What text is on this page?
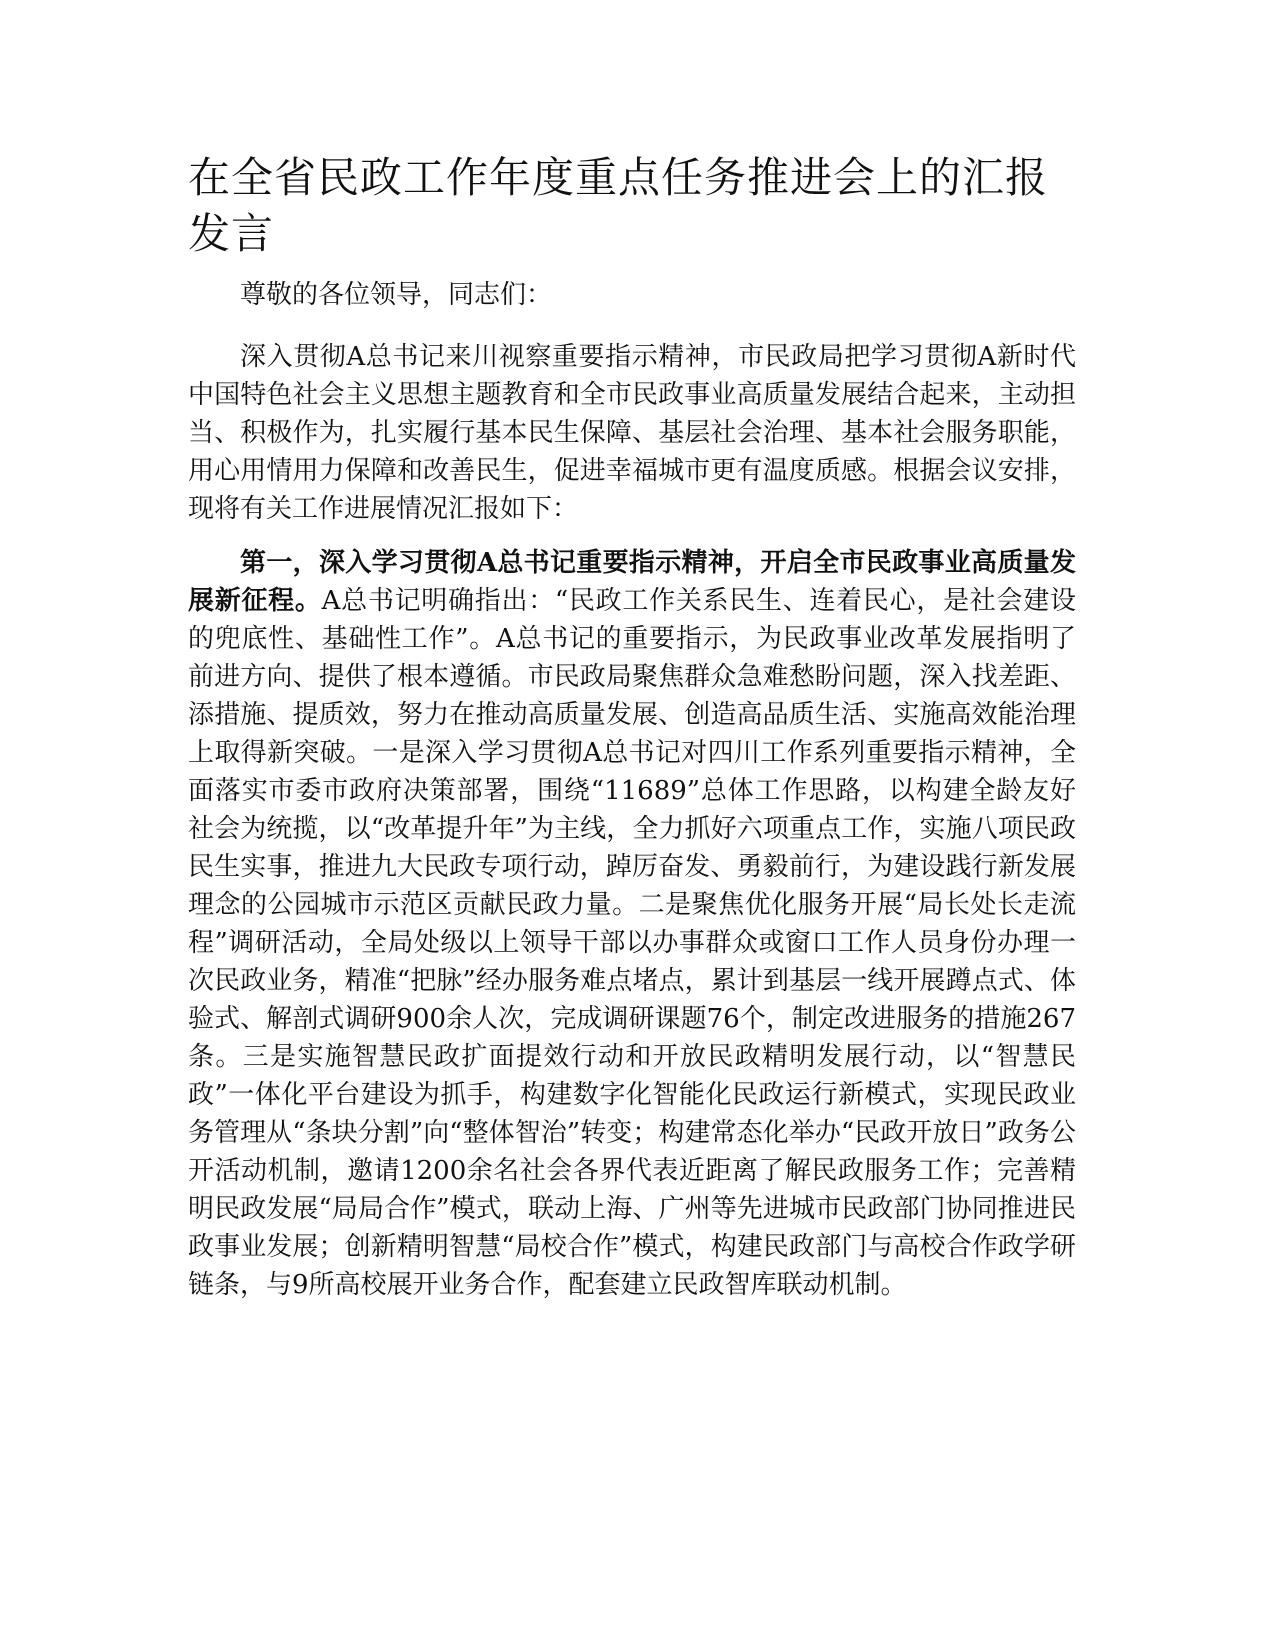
在全省民政工作年度重点任务推进会上的汇报发言

尊敬的各位领导，同志们：

深入贯彻A总书记来川视察重要指示精神，市民政局把学习贯彻A新时代中国特色社会主义思想主题教育和全市民政事业高质量发展结合起来，主动担当、积极作为，扎实履行基本民生保障、基层社会治理、基本社会服务职能，用心用情用力保障和改善民生，促进幸福城市更有温度质感。根据会议安排，现将有关工作进展情况汇报如下：

第一，深入学习贯彻A总书记重要指示精神，开启全市民政事业高质量发展新征程。A总书记明确指出：“民政工作关系民生、连着民心，是社会建设的兜底性、基础性工作”。A总书记的重要指示，为民政事业改革发展指明了前进方向、提供了根本遵循。市民政局聚焦群众急难愁盼问题，深入找差距、添措施、提质效，努力在推动高质量发展、创造高品质生活、实施高效能治理上取得新突破。一是深入学习贯彻A总书记对四川工作系列重要指示精神，全面落实市委市政府决策部署，围绕“11689”总体工作思路，以构建全龄友好社会为统揽，以“改革提升年”为主线，全力抓好六项重点工作，实施八项民政民生实事，推进九大民政专项行动，踔厉奋发、勇毅前行，为建设践行新发展理念的公园城市示范区贡献民政力量。二是聚焦优化服务开展“局长处长走流程”调研活动，全局处级以上领导干部以办事群众或窗口工作人员身份办理一次民政业务，精准“把脉”经办服务难点堵点，累计到基层一线开展蹲点式、体验式、解剖式调研900余人次，完成调研课题76个，制定改进服务的措施267条。三是实施智慧民政扩面提效行动和开放民政精明发展行动，以“智慧民政”一体化平台建设为抓手，构建数字化智能化民政运行新模式，实现民政业务管理从“条块分割”向“整体智治”转变；构建常态化举办“民政开放日”政务公开活动机制，邀请1200余名社会各界代表近距离了解民政服务工作；完善精明民政发展“局局合作”模式，联动上海、广州等先进城市民政部门协同推进民政事业发展；创新精明智慧“局校合作”模式，构建民政部门与高校合作政学研链条，与9所高校展开业务合作，配套建立民政智库联动机制。
